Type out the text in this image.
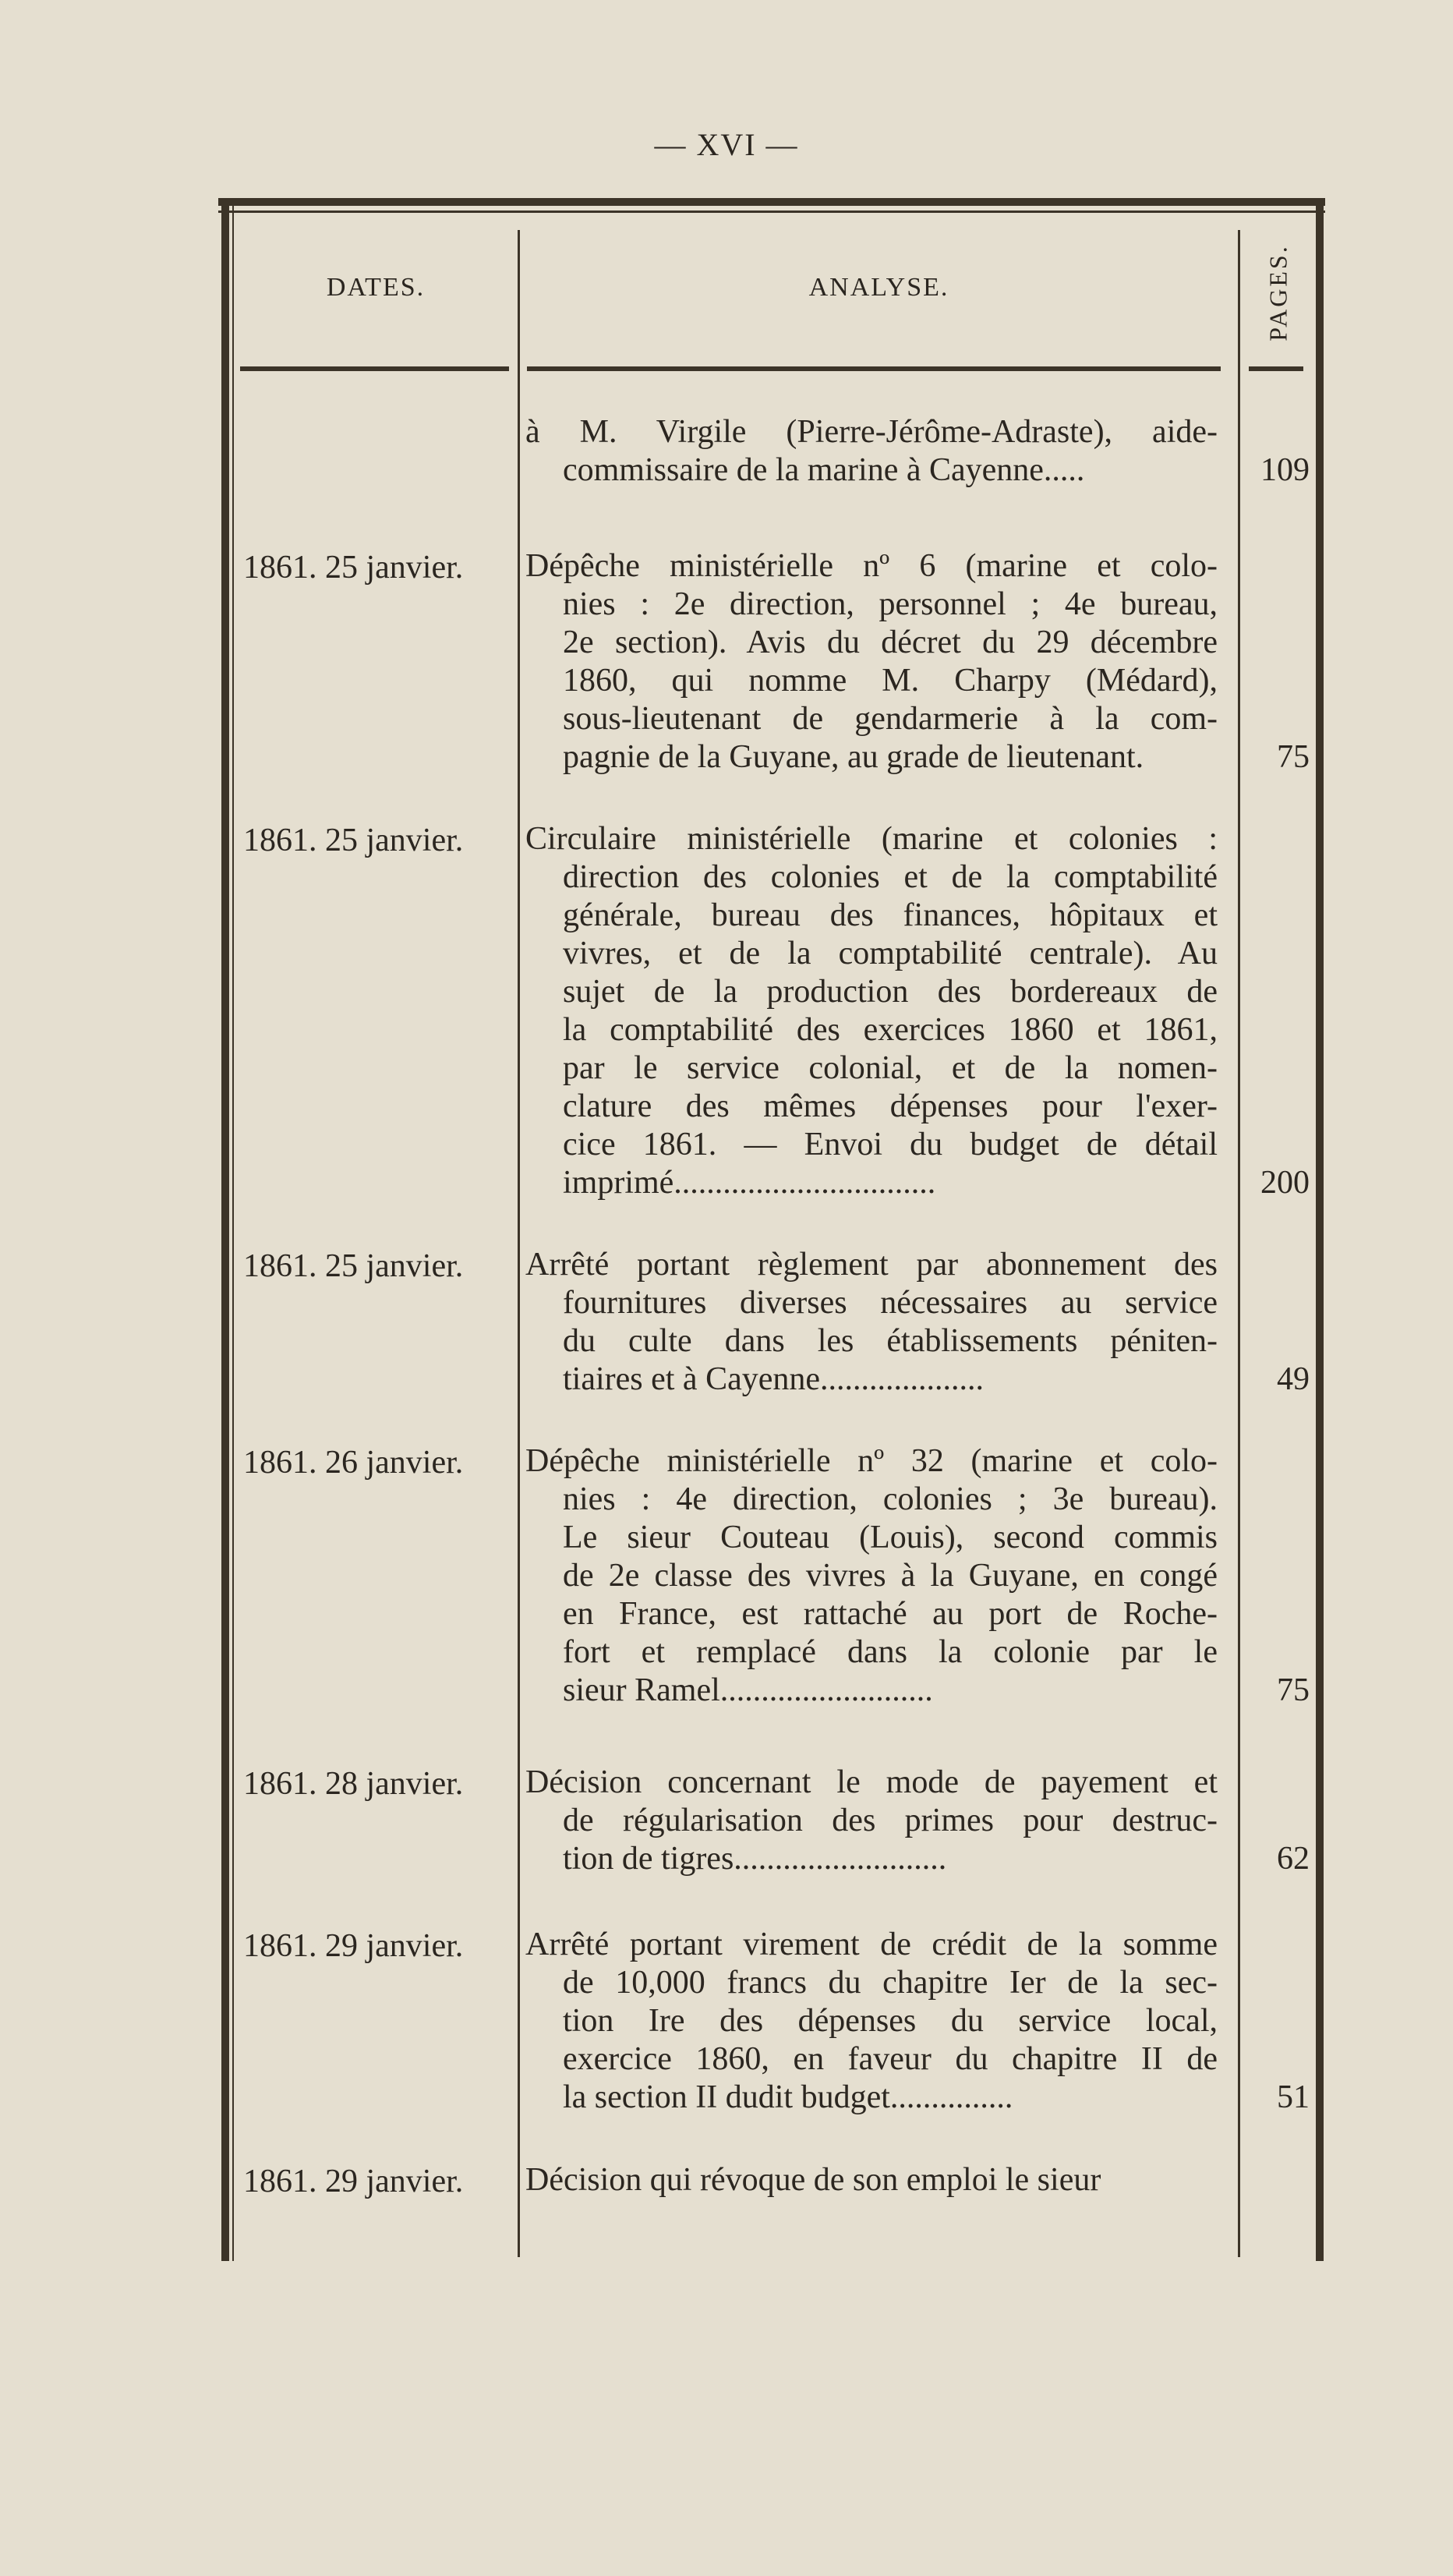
— XVI —
DATES.	ANALYSE.	PAGES.
à M. Virgile (Pierre-Jérôme-Adraste), aide-
commissaire de la marine à Cayenne.....	109
1861. 25 janvier. Dépêche ministérielle nº 6 (marine et colo-
nies : 2e direction, personnel ; 4e bureau,
2e section). Avis du décret du 29 décembre
1860, qui nomme M. Charpy (Médard),
sous-lieutenant de gendarmerie à la com-
pagnie de la Guyane, au grade de lieutenant.	75
1861. 25 janvier. Circulaire ministérielle (marine et colonies :
direction des colonies et de la comptabilité
générale, bureau des finances, hôpitaux et
vivres, et de la comptabilité centrale). Au
sujet de la production des bordereaux de
la comptabilité des exercices 1860 et 1861,
par le service colonial, et de la nomen-
clature des mêmes dépenses pour l'exer-
cice 1861. — Envoi du budget de détail
imprimé................................	200
1861. 25 janvier. Arrêté portant règlement par abonnement des
fournitures diverses nécessaires au service
du culte dans les établissements péniten-
tiaires et à Cayenne....................	49
1861. 26 janvier. Dépêche ministérielle nº 32 (marine et colo-
nies : 4e direction, colonies ; 3e bureau).
Le sieur Couteau (Louis), second commis
de 2e classe des vivres à la Guyane, en congé
en France, est rattaché au port de Roche-
fort et remplacé dans la colonie par le
sieur Ramel..........................	75
1861. 28 janvier. Décision concernant le mode de payement et
de régularisation des primes pour destruc-
tion de tigres..........................	62
1861. 29 janvier. Arrêté portant virement de crédit de la somme
de 10,000 francs du chapitre Ier de la sec-
tion Ire des dépenses du service local,
exercice 1860, en faveur du chapitre II de
la section II dudit budget...............	51
1861. 29 janvier. Décision qui révoque de son emploi le sieur
